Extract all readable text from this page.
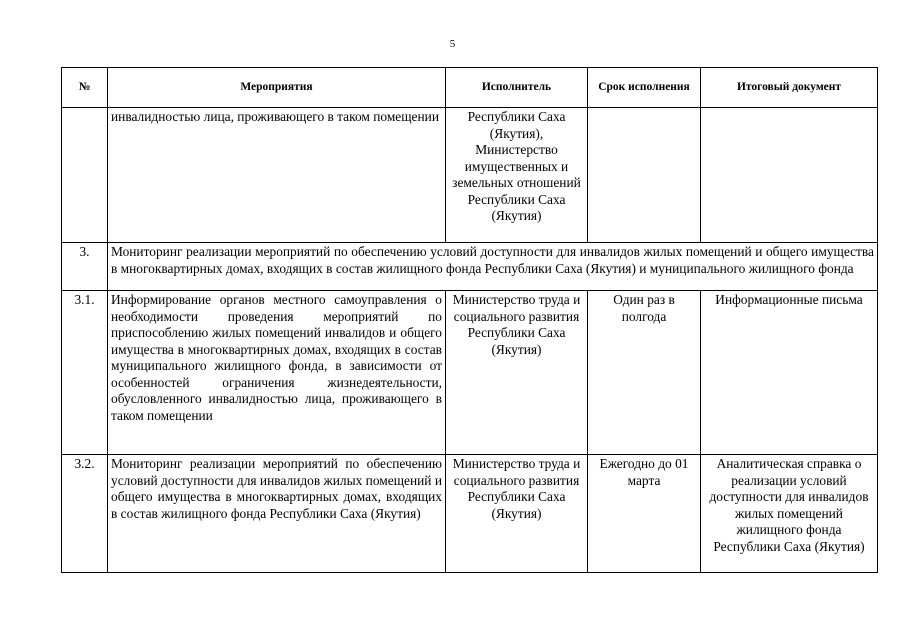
5
№	Мероприятия	Исполнитель	Срок исполнения	Итоговый документ
	инвалидностью лица, проживающего в таком помещении	Республики Саха (Якутия), Министерство имущественных и земельных отношений Республики Саха (Якутия)		
3.	Мониторинг реализации мероприятий по обеспечению условий доступности для инвалидов жилых помещений и общего имущества в многоквартирных домах, входящих в состав жилищного фонда Республики Саха (Якутия) и муниципального жилищного фонда			
3.1.	Информирование органов местного самоуправления о необходимости проведения мероприятий по приспособлению жилых помещений инвалидов и общего имущества в многоквартирных домах, входящих в состав муниципального жилищного фонда, в зависимости от особенностей ограничения жизнедеятельности, обусловленного инвалидностью лица, проживающего в таком помещении	Министерство труда и социального развития Республики Саха (Якутия)	Один раз в полгода	Информационные письма
3.2.	Мониторинг реализации мероприятий по обеспечению условий доступности для инвалидов жилых помещений и общего имущества в многоквартирных домах, входящих в состав жилищного фонда Республики Саха (Якутия)	Министерство труда и социального развития Республики Саха (Якутия)	Ежегодно до 01 марта	Аналитическая справка о реализации условий доступности для инвалидов жилых помещений жилищного фонда Республики Саха (Якутия)
